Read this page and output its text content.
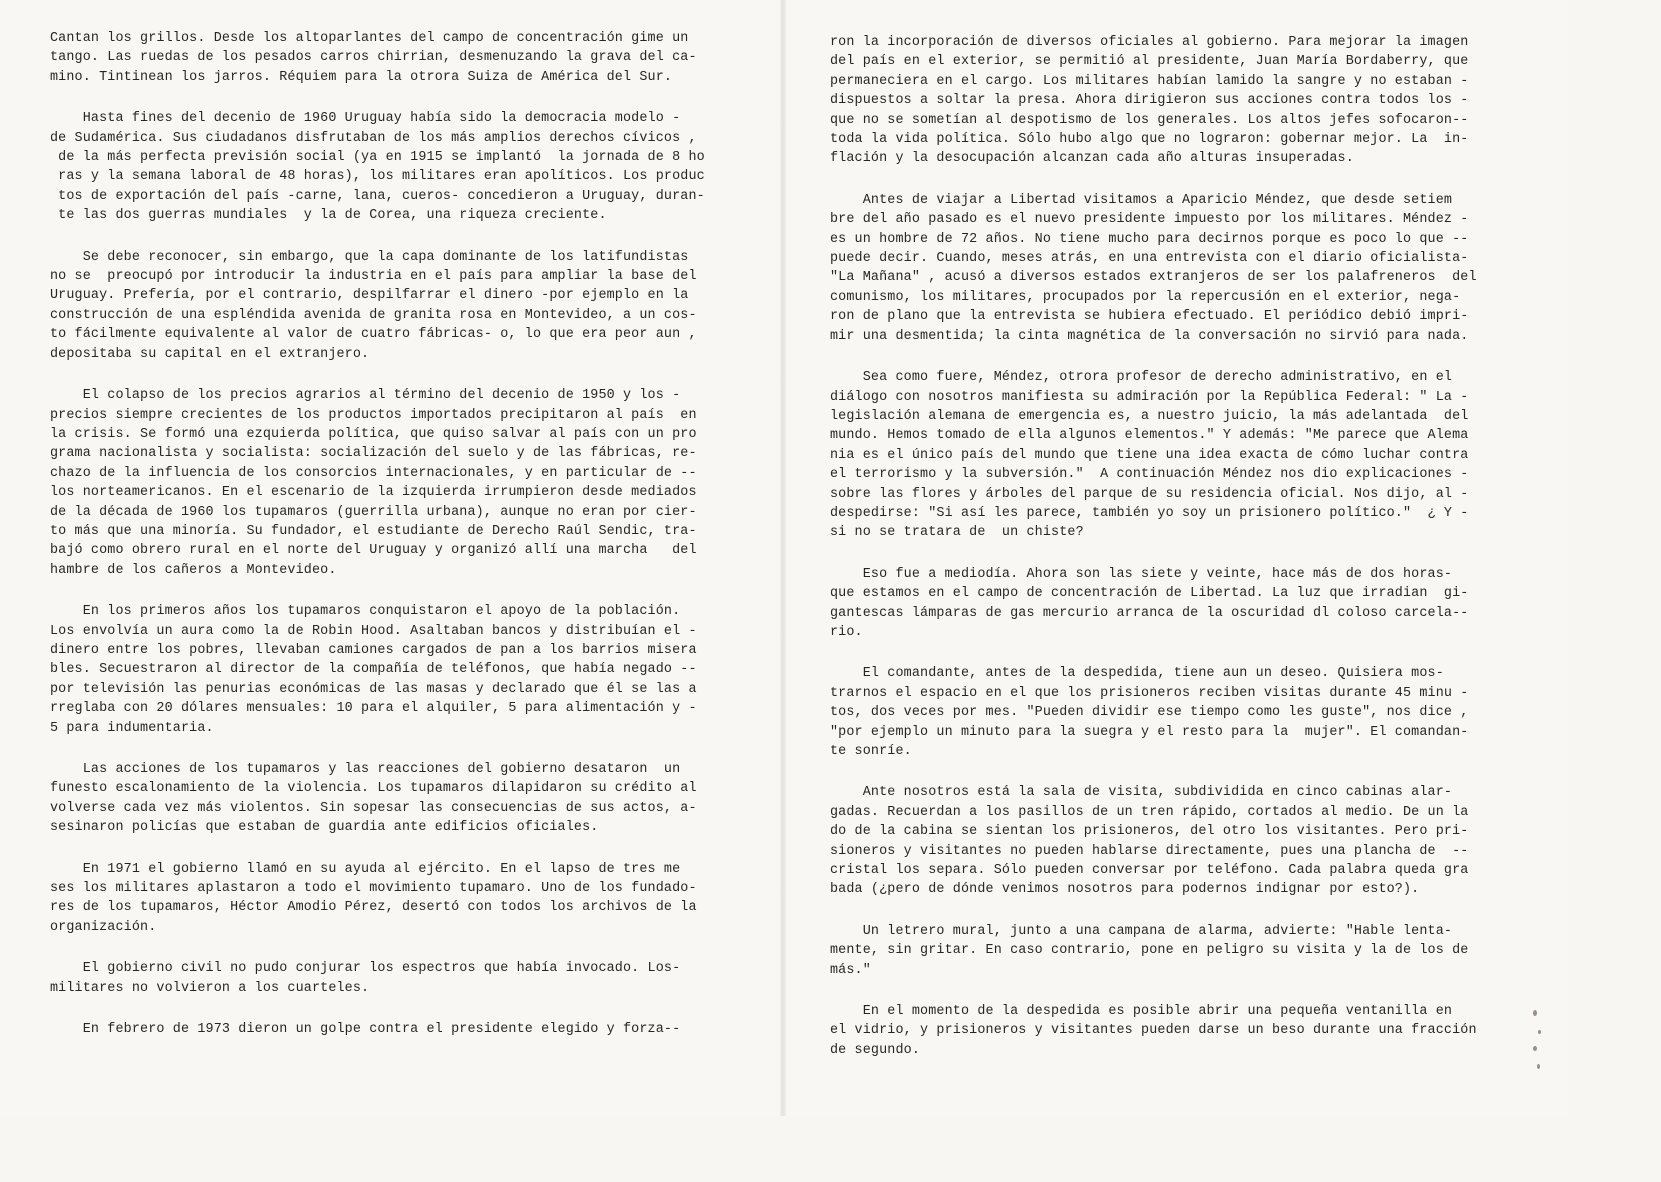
Cantan los grillos. Desde los altoparlantes del campo de concentración gime un
tango. Las ruedas de los pesados carros chirrian, desmenuzando la grava del ca-
mino. Tintinean los jarros. Réquiem para la otrora Suiza de América del Sur.
Hasta fines del decenio de 1960 Uruguay había sido la democracia modelo -
de Sudamérica. Sus ciudadanos disfrutaban de los más amplios derechos cívicos ,
de la más perfecta previsión social (ya en 1915 se implantó  la jornada de 8 ho
ras y la semana laboral de 48 horas), los militares eran apolíticos. Los produc
tos de exportación del país -carne, lana, cueros- concedieron a Uruguay, duran-
te las dos guerras mundiales  y la de Corea, una riqueza creciente.
Se debe reconocer, sin embargo, que la capa dominante de los latifundistas
no se  preocupó por introducir la industria en el país para ampliar la base del
Uruguay. Prefería, por el contrario, despilfarrar el dinero -por ejemplo en la
construcción de una espléndida avenida de granita rosa en Montevideo, a un cos-
to fácilmente equivalente al valor de cuatro fábricas- o, lo que era peor aun ,
depositaba su capital en el extranjero.
El colapso de los precios agrarios al término del decenio de 1950 y los -
precios siempre crecientes de los productos importados precipitaron al país  en
la crisis. Se formó una ezquierda política, que quiso salvar al país con un pro
grama nacionalista y socialista: socialización del suelo y de las fábricas, re-
chazo de la influencia de los consorcios internacionales, y en particular de --
los norteamericanos. En el escenario de la izquierda irrumpieron desde mediados
de la década de 1960 los tupamaros (guerrilla urbana), aunque no eran por cier-
to más que una minoría. Su fundador, el estudiante de Derecho Raúl Sendic, tra-
bajó como obrero rural en el norte del Uruguay y organizó allí una marcha   del
hambre de los cañeros a Montevideo.
En los primeros años los tupamaros conquistaron el apoyo de la población.
Los envolvía un aura como la de Robin Hood. Asaltaban bancos y distribuían el -
dinero entre los pobres, llevaban camiones cargados de pan a los barrios misera
bles. Secuestraron al director de la compañía de teléfonos, que había negado --
por televisión las penurias económicas de las masas y declarado que él se las a
rreglaba con 20 dólares mensuales: 10 para el alquiler, 5 para alimentación y -
5 para indumentaria.
Las acciones de los tupamaros y las reacciones del gobierno desataron  un
funesto escalonamiento de la violencia. Los tupamaros dilapidaron su crédito al
volverse cada vez más violentos. Sin sopesar las consecuencias de sus actos, a-
sesinaron policías que estaban de guardia ante edificios oficiales.
En 1971 el gobierno llamó en su ayuda al ejército. En el lapso de tres me
ses los militares aplastaron a todo el movimiento tupamaro. Uno de los fundado-
res de los tupamaros, Héctor Amodio Pérez, desertó con todos los archivos de la
organización.
El gobierno civil no pudo conjurar los espectros que había invocado. Los-
militares no volvieron a los cuarteles.
En febrero de 1973 dieron un golpe contra el presidente elegido y forza--
ron la incorporación de diversos oficiales al gobierno. Para mejorar la imagen
del país en el exterior, se permitió al presidente, Juan María Bordaberry, que
permaneciera en el cargo. Los militares habían lamido la sangre y no estaban -
dispuestos a soltar la presa. Ahora dirigieron sus acciones contra todos los -
que no se sometían al despotismo de los generales. Los altos jefes sofocaron--
toda la vida política. Sólo hubo algo que no lograron: gobernar mejor. La  in-
flación y la desocupación alcanzan cada año alturas insuperadas.
Antes de viajar a Libertad visitamos a Aparicio Méndez, que desde setiem
bre del año pasado es el nuevo presidente impuesto por los militares. Méndez -
es un hombre de 72 años. No tiene mucho para decirnos porque es poco lo que --
puede decir. Cuando, meses atrás, en una entrevista con el diario oficialista-
"La Mañana" , acusó a diversos estados extranjeros de ser los palafreneros  del
comunismo, los militares, procupados por la repercusión en el exterior, nega-
ron de plano que la entrevista se hubiera efectuado. El periódico debió impri-
mir una desmentida; la cinta magnética de la conversación no sirvió para nada.
Sea como fuere, Méndez, otrora profesor de derecho administrativo, en el
diálogo con nosotros manifiesta su admiración por la República Federal: " La -
legislación alemana de emergencia es, a nuestro juicio, la más adelantada  del
mundo. Hemos tomado de ella algunos elementos." Y además: "Me parece que Alema
nia es el único país del mundo que tiene una idea exacta de cómo luchar contra
el terrorismo y la subversión."  A continuación Méndez nos dio explicaciones -
sobre las flores y árboles del parque de su residencia oficial. Nos dijo, al -
despedirse: "Si así les parece, también yo soy un prisionero político."  ¿ Y -
si no se tratara de  un chiste?
Eso fue a mediodía. Ahora son las siete y veinte, hace más de dos horas-
que estamos en el campo de concentración de Libertad. La luz que irradian  gi-
gantescas lámparas de gas mercurio arranca de la oscuridad dl coloso carcela--
rio.
El comandante, antes de la despedida, tiene aun un deseo. Quisiera mos-
trarnos el espacio en el que los prisioneros reciben visitas durante 45 minu -
tos, dos veces por mes. "Pueden dividir ese tiempo como les guste", nos dice ,
"por ejemplo un minuto para la suegra y el resto para la  mujer". El comandan-
te sonríe.
Ante nosotros está la sala de visita, subdividida en cinco cabinas alar-
gadas. Recuerdan a los pasillos de un tren rápido, cortados al medio. De un la
do de la cabina se sientan los prisioneros, del otro los visitantes. Pero pri-
sioneros y visitantes no pueden hablarse directamente, pues una plancha de  --
cristal los separa. Sólo pueden conversar por teléfono. Cada palabra queda gra
bada (¿pero de dónde venimos nosotros para podernos indignar por esto?).
Un letrero mural, junto a una campana de alarma, advierte: "Hable lenta-
mente, sin gritar. En caso contrario, pone en peligro su visita y la de los de
más."
En el momento de la despedida es posible abrir una pequeña ventanilla en
el vidrio, y prisioneros y visitantes pueden darse un beso durante una fracción
de segundo.
